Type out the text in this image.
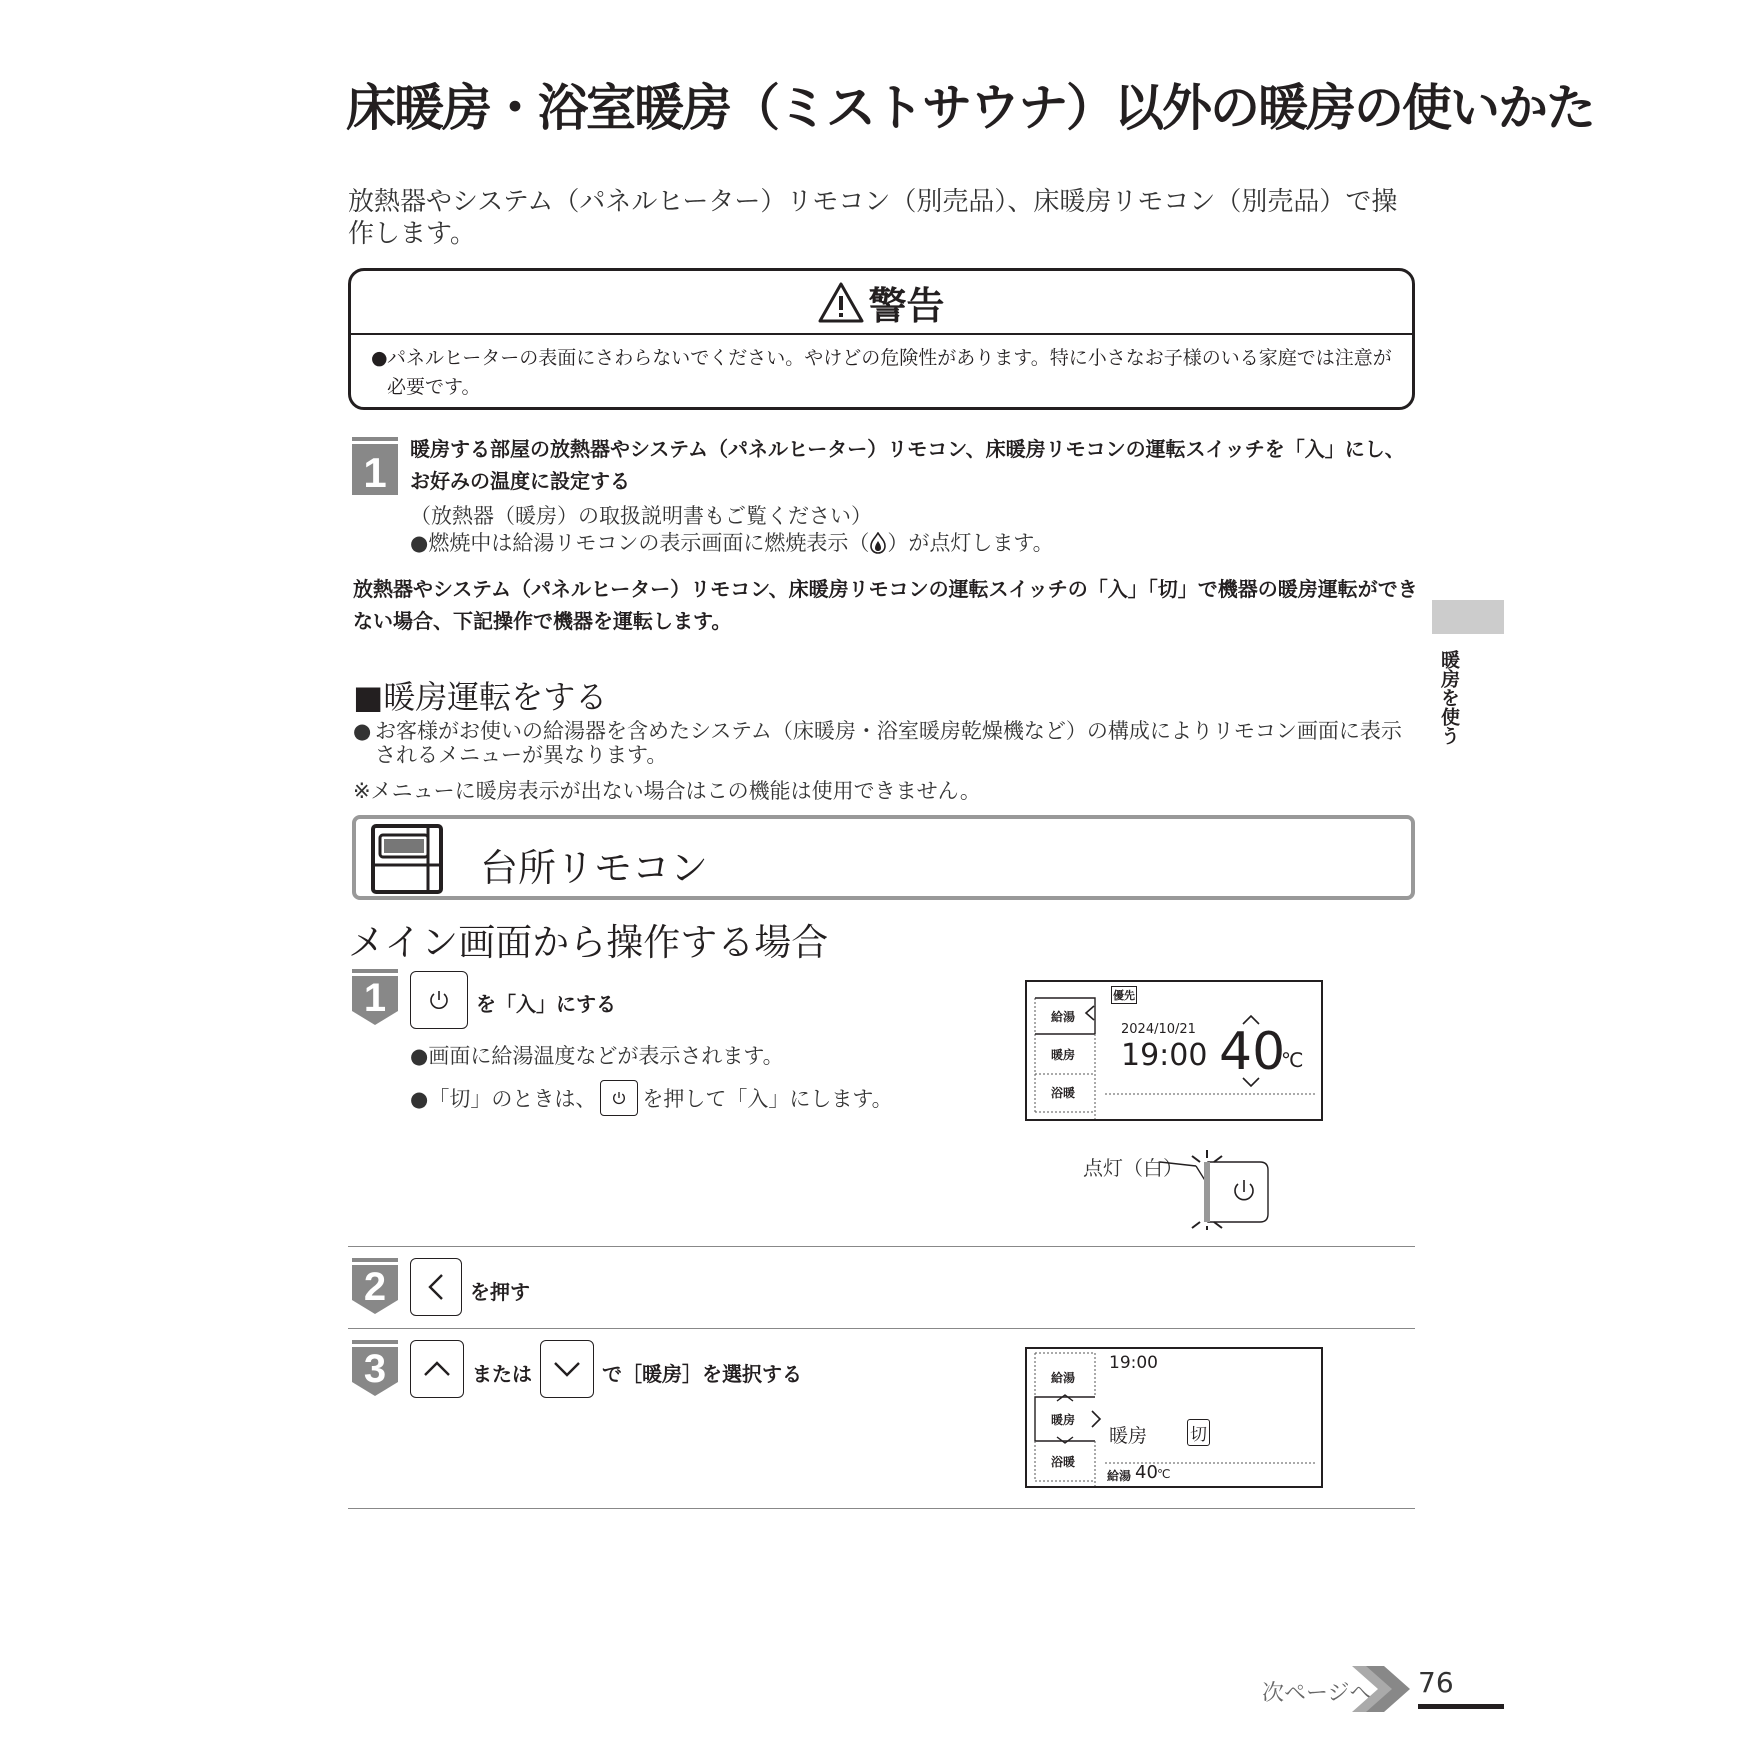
床暖房・浴室暖房（ミストサウナ）以外の暖房の使いかた
放熱器やシステム（パネルヒーター）リモコン（別売品）、床暖房リモコン（別売品）で操作します。
警告
● パネルヒーターの表面にさわらないでください。やけどの危険性があります。特に小さなお子様のいる家庭では注意が必要です。
1 暖房する部屋の放熱器やシステム（パネルヒーター）リモコン、床暖房リモコンの運転スイッチを「入」にし、お好みの温度に設定する
（放熱器（暖房）の取扱説明書もご覧ください）
●燃焼中は給湯リモコンの表示画面に燃焼表示（ ）が点灯します。
放熱器やシステム（パネルヒーター）リモコン、床暖房リモコンの運転スイッチの「入」「切」で機器の暖房運転ができない場合、下記操作で機器を運転します。
暖房を使う
■暖房運転をする
● お客様がお使いの給湯器を含めたシステム（床暖房・浴室暖房乾燥機など）の構成によりリモコン画面に表示されるメニューが異なります。
※メニューに暖房表示が出ない場合はこの機能は使用できません。
台所リモコン
メイン画面から操作する場合
1	を「入」にする
●画面に給湯温度などが表示されます。
●「切」のときは、 を押して「入」にします。
給湯
暖房
浴暖
優先
2024/10/21
19:00 40
℃
点灯（白）
2	を押す
3	または	で［暖房］を選択する	給湯
暖房
浴暖
19:00
暖房	切
給湯 40 ℃
次ページへ 76
